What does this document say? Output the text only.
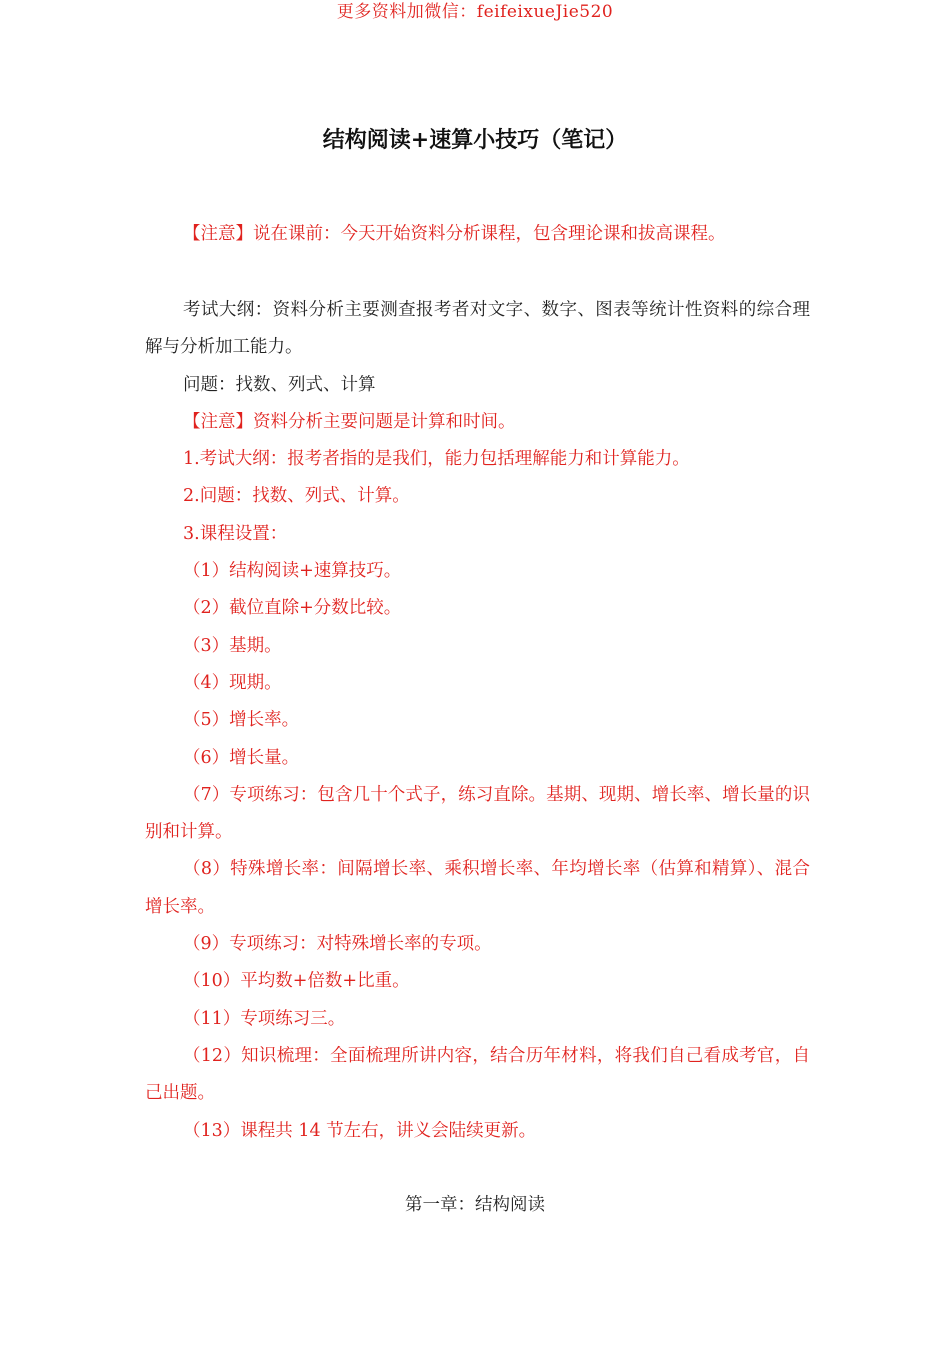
更多资料加微信：feifeixueJie520
结构阅读+速算小技巧（笔记）
【注意】说在课前：今天开始资料分析课程，包含理论课和拔高课程。

考试大纲：资料分析主要测查报考者对文字、数字、图表等统计性资料的综合理解与分析加工能力。

问题：找数、列式、计算

【注意】资料分析主要问题是计算和时间。

1.考试大纲：报考者指的是我们，能力包括理解能力和计算能力。

2.问题：找数、列式、计算。

3.课程设置：

（1）结构阅读+速算技巧。

（2）截位直除+分数比较。

（3）基期。

（4）现期。

（5）增长率。

（6）增长量。

（7）专项练习：包含几十个式子，练习直除。基期、现期、增长率、增长量的识别和计算。

（8）特殊增长率：间隔增长率、乘积增长率、年均增长率（估算和精算）、混合增长率。

（9）专项练习：对特殊增长率的专项。

（10）平均数+倍数+比重。

（11）专项练习三。

（12）知识梳理：全面梳理所讲内容，结合历年材料，将我们自己看成考官，自己出题。

（13）课程共 14 节左右，讲义会陆续更新。

第一章：结构阅读
